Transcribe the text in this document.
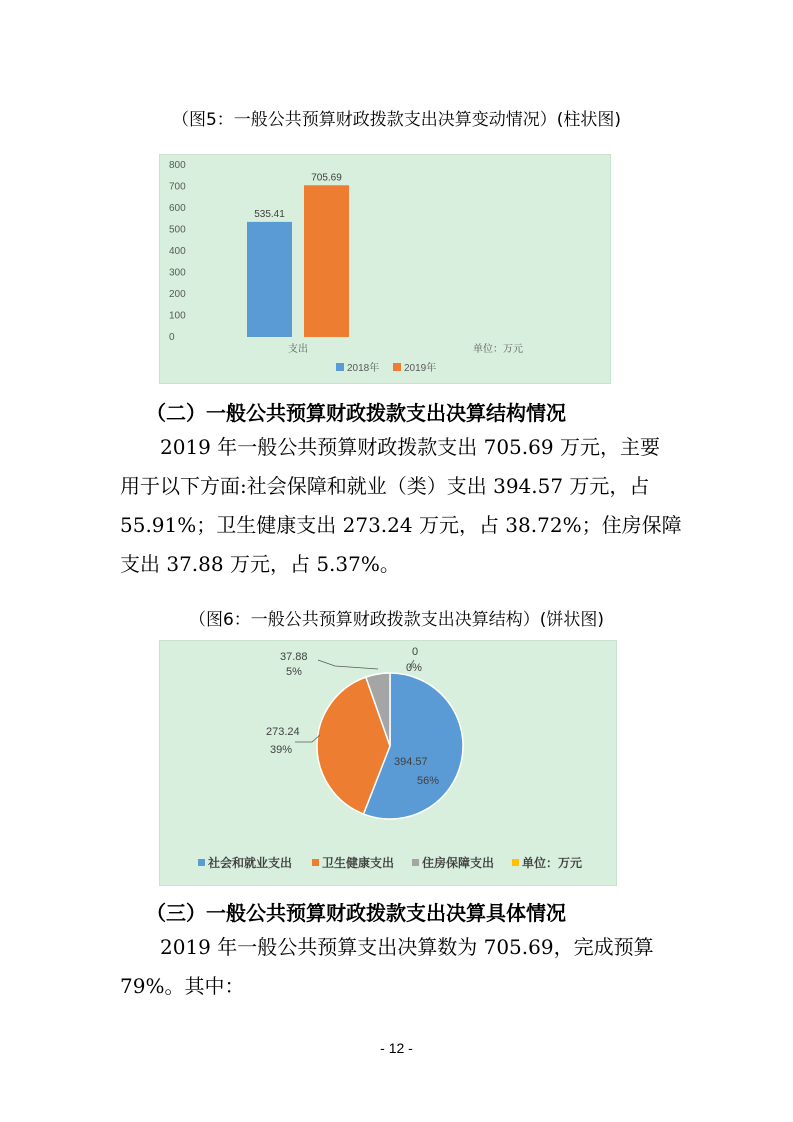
（图5：一般公共预算财政拨款支出决算变动情况）(柱状图)
0
100
200
300
400
500
600
700
800
535.41
705.69
支出	单位：万元
2018年 2019年
（二）一般公共预算财政拨款支出决算结构情况
2019 年一般公共预算财政拨款支出 705.69 万元，主要
用于以下方面:社会保障和就业（类）支出 394.57 万元，占
55.91%；卫生健康支出 273.24 万元，占 38.72%；住房保障
支出 37.88 万元，占 5.37%。
（图6：一般公共预算财政拨款支出决算结构）(饼状图)
37.88
5%
0
0%
273.24
39%
394.57
56%
社会和就业支出 卫生健康支出 住房保障支出 单位：万元
（三）一般公共预算财政拨款支出决算具体情况
2019 年一般公共预算支出决算数为 705.69，完成预算
79%。其中：
- 12 -
